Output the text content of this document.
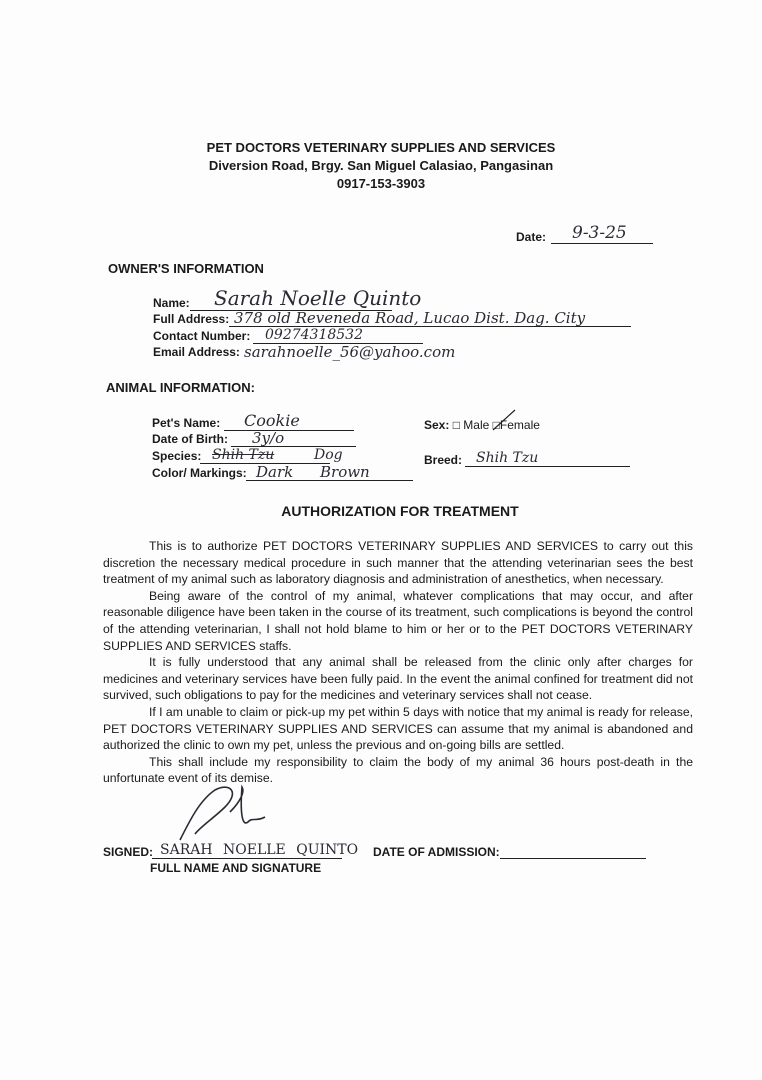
PET DOCTORS VETERINARY SUPPLIES AND SERVICES
Diversion Road, Brgy. San Miguel Calasiao, Pangasinan
0917-153-3903
Date: 9-3-25
OWNER'S INFORMATION
Name: Sarah Noelle Quinto
Full Address: 378 old Reveneda Road, Lucao Dist. Dag. City
Contact Number: 09274318532
Email Address: sarahnoelle_56@yahoo.com
ANIMAL INFORMATION:
Pet's Name: Cookie
Date of Birth: 3y/o
Species: Shih Tzu	Dog
Color/ Markings: Dark Brown
Sex: □ Male □
Female
Breed: Shih Tzu
AUTHORIZATION FOR TREATMENT

This is to authorize PET DOCTORS VETERINARY SUPPLIES AND SERVICES to carry out this discretion the necessary medical procedure in such manner that the attending veterinarian sees the best treatment of my animal such as laboratory diagnosis and administration of anesthetics, when necessary.

Being aware of the control of my animal, whatever complications that may occur, and after reasonable diligence have been taken in the course of its treatment, such complications is beyond the control of the attending veterinarian, I shall not hold blame to him or her or to the PET DOCTORS VETERINARY SUPPLIES AND SERVICES staffs.

It is fully understood that any animal shall be released from the clinic only after charges for medicines and veterinary services have been fully paid. In the event the animal confined for treatment did not survived, such obligations to pay for the medicines and veterinary services shall not cease.

If I am unable to claim or pick-up my pet within 5 days with notice that my animal is ready for release, PET DOCTORS VETERINARY SUPPLIES AND SERVICES can assume that my animal is abandoned and authorized the clinic to own my pet, unless the previous and on-going bills are settled.

This shall include my responsibility to claim the body of my animal 36 hours post-death in the unfortunate event of its demise.

SIGNED: SARAH NOELLE QUINTO
FULL NAME AND SIGNATURE
DATE OF ADMISSION:
